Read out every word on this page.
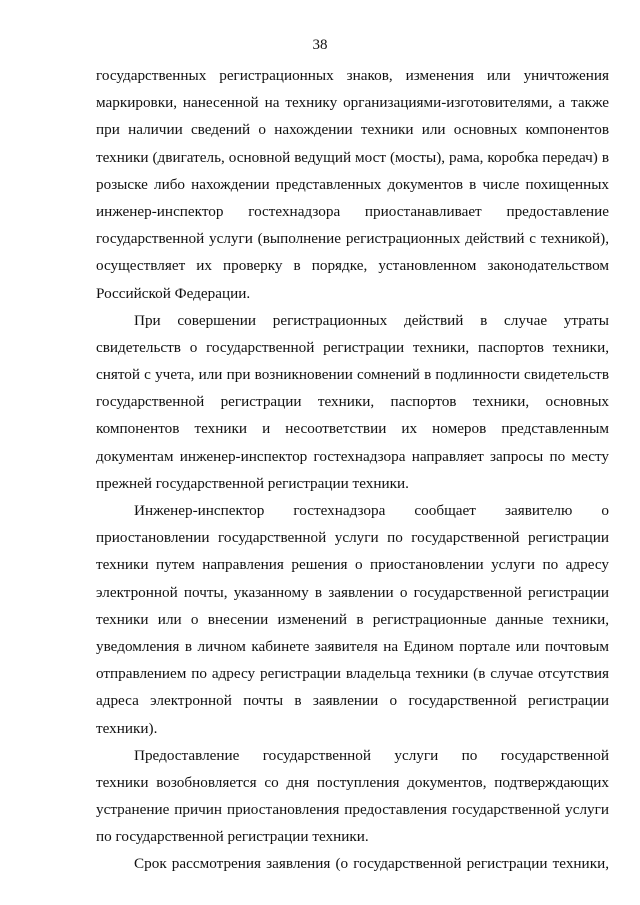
38

государственных регистрационных знаков, изменения или уничтожения
маркировки, нанесенной на технику организациями-изготовителями, а также
при наличии сведений о нахождении техники или основных компонентов
техники (двигатель, основной ведущий мост (мосты), рама, коробка передач) в
розыске либо нахождении представленных документов в числе похищенных
инженер-инспектор гостехнадзора приостанавливает предоставление
государственной услуги (выполнение регистрационных действий с техникой),
осуществляет их проверку в порядке, установленном законодательством
Российской Федерации.

При совершении регистрационных действий в случае утраты
свидетельств о государственной регистрации техники, паспортов техники,
снятой с учета, или при возникновении сомнений в подлинности свидетельств
государственной регистрации техники, паспортов техники, основных
компонентов техники и несоответствии их номеров представленным
документам инженер-инспектор гостехнадзора направляет запросы по месту
прежней государственной регистрации техники.

Инженер-инспектор гостехнадзора сообщает заявителю о
приостановлении государственной услуги по государственной регистрации
техники путем направления решения о приостановлении услуги по адресу
электронной почты, указанному в заявлении о государственной регистрации
техники или о внесении изменений в регистрационные данные техники,
уведомления в личном кабинете заявителя на Едином портале или почтовым
отправлением по адресу регистрации владельца техники (в случае отсутствия
адреса электронной почты в заявлении о государственной регистрации
техники).

Предоставление государственной услуги по государственной
техники возобновляется со дня поступления документов, подтверждающих
устранение причин приостановления предоставления государственной услуги
по государственной регистрации техники.

Срок рассмотрения заявления (о государственной регистрации техники,
